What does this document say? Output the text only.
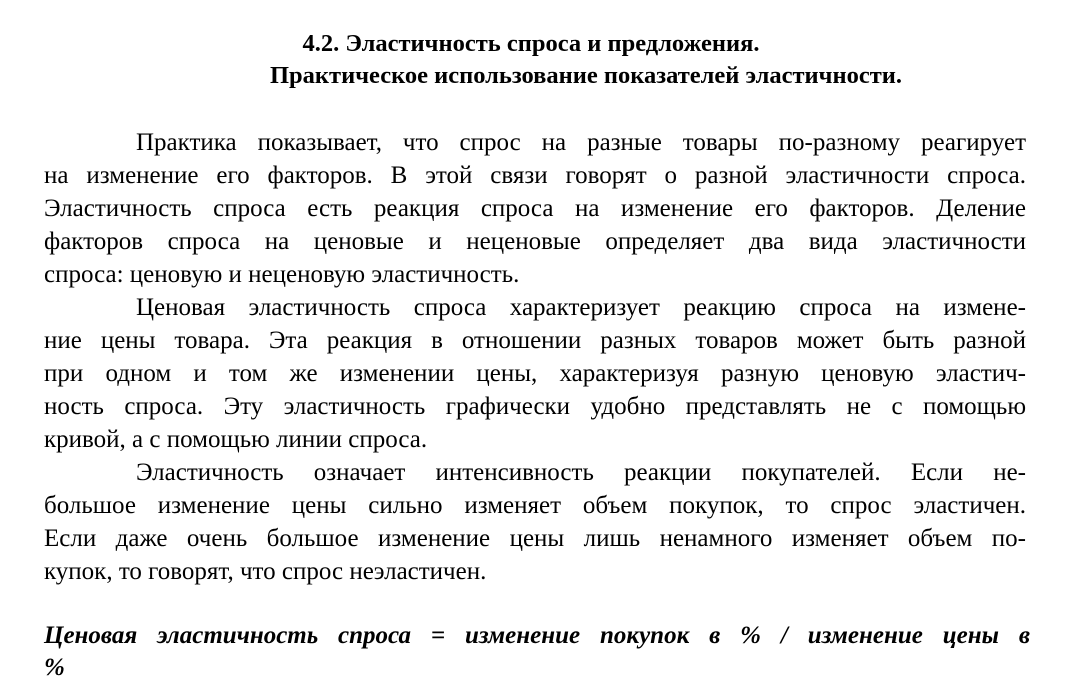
4.2. Эластичность спроса и предложения.
Практическое использование показателей эластичности.
Практика показывает, что спрос на разные товары по-разному реагирует
на изменение его факторов. В этой связи говорят о разной эластичности спроса.
Эластичность спроса есть реакция спроса на изменение его факторов. Деление
факторов спроса на ценовые и неценовые определяет два вида эластичности
спроса: ценовую и неценовую эластичность.
Ценовая эластичность спроса характеризует реакцию спроса на измене-
ние цены товара. Эта реакция в отношении разных товаров может быть разной
при одном и том же изменении цены, характеризуя разную ценовую эластич-
ность спроса. Эту эластичность графически удобно представлять не с помощью
кривой, а с помощью линии спроса.
Эластичность означает интенсивность реакции покупателей. Если не-
большое изменение цены сильно изменяет объем покупок, то спрос эластичен.
Если даже очень большое изменение цены лишь ненамного изменяет объем по-
купок, то говорят, что спрос неэластичен.
Ценовая эластичность спроса = изменение покупок в % / изменение цены в
%
